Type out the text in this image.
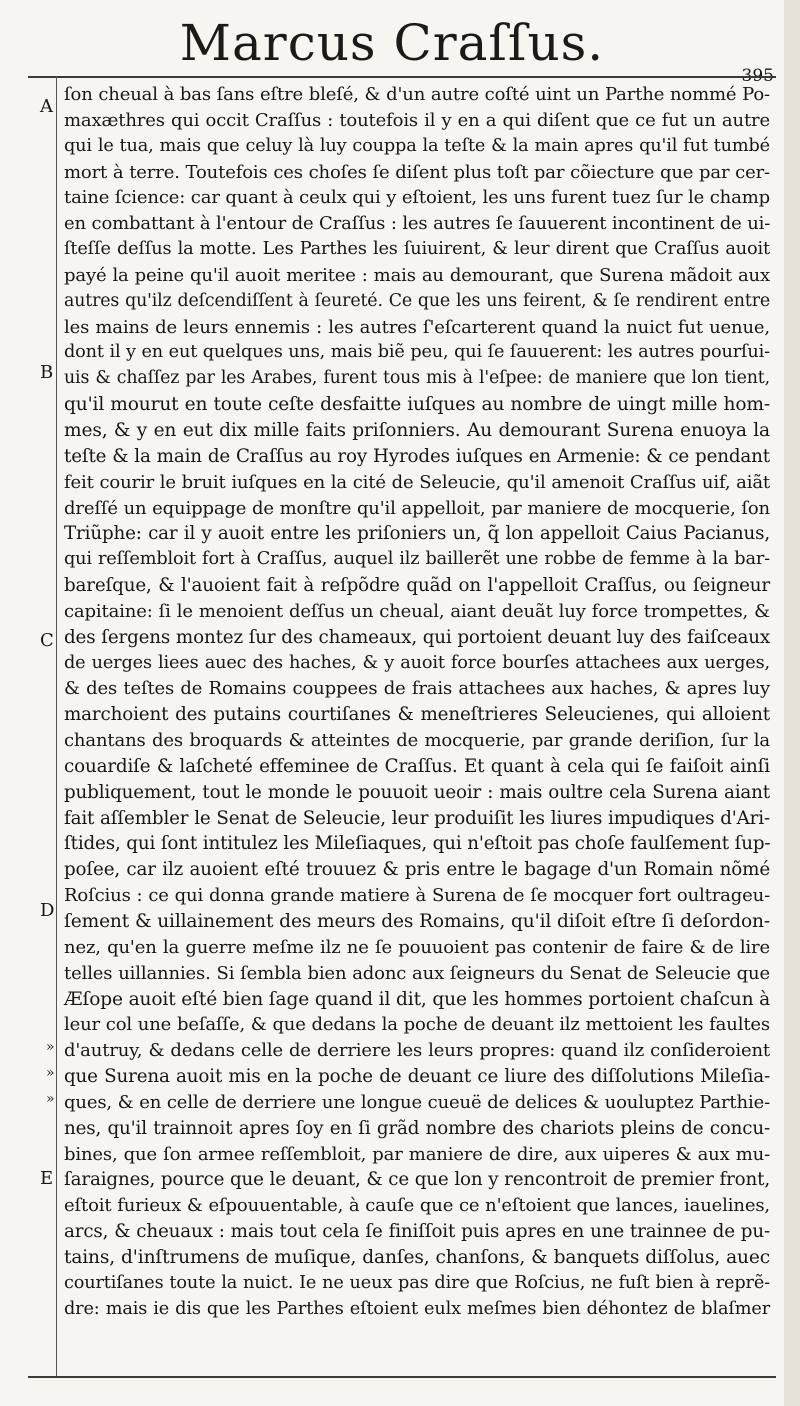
Marcus Craſſus.
395
A
B
C
D
E
»
»
»
ſon cheual à bas ſans eſtre bleſé, & d'un autre coſté uint un Parthe nommé Po-
maxæthres qui occit Craſſus : toutefois il y en a qui diſent que ce fut un autre
qui le tua, mais que celuy là luy couppa la teſte & la main apres qu'il fut tumbé
mort à terre. Toutefois ces choſes ſe diſent plus toſt par cõiecture que par cer-
taine ſcience: car quant à ceulx qui y eſtoient, les uns furent tuez ſur le champ
en combattant à l'entour de Craſſus : les autres ſe ſauuerent incontinent de ui-
ſteſſe deſſus la motte. Les Parthes les ſuiuirent, & leur dirent que Craſſus auoit
payé la peine qu'il auoit meritee : mais au demourant, que Surena mãdoit aux
autres qu'ilz deſcendiſſent à ſeureté. Ce que les uns feirent, & ſe rendirent entre
les mains de leurs ennemis : les autres ſ'eſcarterent quand la nuict fut uenue,
dont il y en eut quelques uns, mais biẽ peu, qui ſe ſauuerent: les autres pourſui-
uis & chaſſez par les Arabes, furent tous mis à l'eſpee: de maniere que lon tient,
qu'il mourut en toute ceſte desfaitte iuſques au nombre de uingt mille hom-
mes, & y en eut dix mille faits priſonniers. Au demourant Surena enuoya la
teſte & la main de Craſſus au roy Hyrodes iuſques en Armenie: & ce pendant
feit courir le bruit iuſques en la cité de Seleucie, qu'il amenoit Craſſus uif, aiãt
dreſſé un equippage de monſtre qu'il appelloit, par maniere de mocquerie, ſon
Triũphe: car il y auoit entre les priſoniers un, q̃ lon appelloit Caius Pacianus,
qui reſſembloit fort à Craſſus, auquel ilz baillerẽt une robbe de femme à la bar-
bareſque, & l'auoient fait à reſpõdre quãd on l'appelloit Craſſus, ou ſeigneur
capitaine: ſi le menoient deſſus un cheual, aiant deuãt luy force trompettes, &
des ſergens montez ſur des chameaux, qui portoient deuant luy des faiſceaux
de uerges liees auec des haches, & y auoit force bourſes attachees aux uerges,
& des teſtes de Romains couppees de frais attachees aux haches, & apres luy
marchoient des putains courtiſanes & meneſtrieres Seleucienes, qui alloient
chantans des broquards & atteintes de mocquerie, par grande deriſion, ſur la
couardiſe & laſcheté effeminee de Craſſus. Et quant à cela qui ſe faiſoit ainſi
publiquement, tout le monde le pouuoit ueoir : mais oultre cela Surena aiant
fait aſſembler le Senat de Seleucie, leur produiſit les liures impudiques d'Ari-
ſtides, qui ſont intitulez les Mileſiaques, qui n'eſtoit pas choſe faulſement ſup-
poſee, car ilz auoient eſté trouuez & pris entre le bagage d'un Romain nõmé
Roſcius : ce qui donna grande matiere à Surena de ſe mocquer fort oultrageu-
ſement & uillainement des meurs des Romains, qu'il diſoit eſtre ſi deſordon-
nez, qu'en la guerre meſme ilz ne ſe pouuoient pas contenir de faire & de lire
telles uillannies. Si ſembla bien adonc aux ſeigneurs du Senat de Seleucie que
Æſope auoit eſté bien ſage quand il dit, que les hommes portoient chaſcun à
leur col une beſaſſe, & que dedans la poche de deuant ilz mettoient les faultes
d'autruy, & dedans celle de derriere les leurs propres: quand ilz conſideroient
que Surena auoit mis en la poche de deuant ce liure des diſſolutions Mileſia-
ques, & en celle de derriere une longue cueuë de delices & uouluptez Parthie-
nes, qu'il trainnoit apres ſoy en ſi grãd nombre des chariots pleins de concu-
bines, que ſon armee reſſembloit, par maniere de dire, aux uiperes & aux mu-
ſaraignes, pource que le deuant, & ce que lon y rencontroit de premier front,
eſtoit furieux & eſpouuentable, à cauſe que ce n'eſtoient que lances, iauelines,
arcs, & cheuaux : mais tout cela ſe finiſſoit puis apres en une trainnee de pu-
tains, d'inſtrumens de muſique, danſes, chanſons, & banquets diſſolus, auec
courtiſanes toute la nuict. Ie ne ueux pas dire que Roſcius, ne fuſt bien à reprẽ-
dre: mais ie dis que les Parthes eſtoient eulx meſmes bien déhontez de blaſmer
